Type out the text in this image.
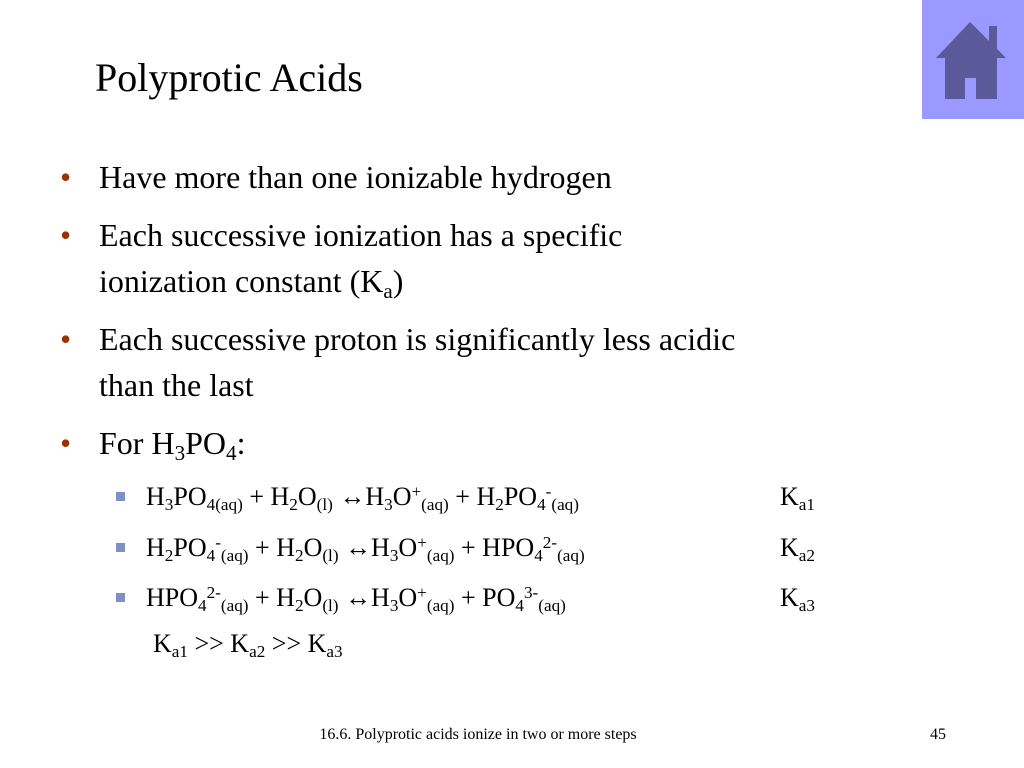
Polyprotic Acids
• Have more than one ionizable hydrogen
• Each successive ionization has a specific
ionization constant $(K_a)$
• Each successive proton is significantly less acidic
than the last
• For $H_3PO_4$:
$H_3PO_{4(aq)} + H_2O_{(l)}$ $\leftrightarrow H_3O^+_{(aq)} + H_2PO_4^-_{(aq)}$	$K_{a1}$
$H_2PO_4^-_{(aq)} + H_2O_{(l)}$ $\leftrightarrow H_3O^+_{(aq)} + HPO_4^{2-}_{(aq)}$	$K_{a2}$
$HPO_4^{2-}_{(aq)} + H_2O_{(l)}$ $\leftrightarrow H_3O^+_{(aq)} + PO_4^{3-}_{(aq)}$	$K_{a3}$
$K_{a1} >> K_{a2} >> K_{a3}$
16.6. Polyprotic acids ionize in two or more steps	45
